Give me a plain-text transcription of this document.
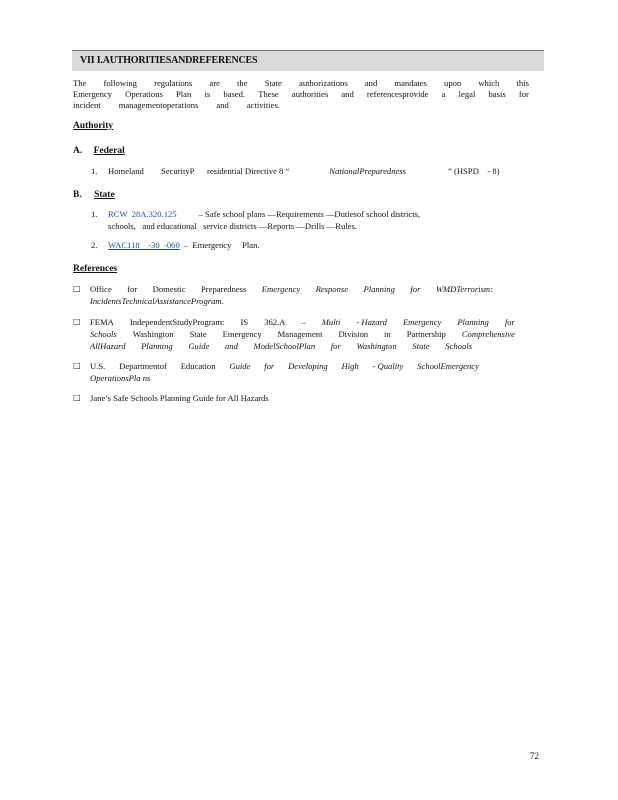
VII I.AUTHORITIESANDREFERENCES
The following regulations are the State authorizations and mandates upon which this
Emergency Operations Plan is based. These authorities and referencesprovide a legal basis for
incident managementoperations and activities.
Authority
A. Federal
1. Homeland        SecurityP      residential Directive 8 “	NationalPreparedness	” (HSPD    - 8)
B. State
1. RCW  28A.320.125	– Safe school plans —Requirements —Dutiesof school districts,
schools,   and educational   service districts —Reports —Drills —Rules.
2. WAC118    -30  -060 –  Emergency     Plan.
References
□ Office for Domestic Preparedness Emergency Response Planning for WMDTerrorism:
Incidents TechnicalAssistanceProgram.
□ FEMA IndependentStudyProgram: IS 362.A – Multi - Hazard Emergency Planning for
Schools Washington State Emergency Management Division in Partnership Comprehensive
AllHazard Planning Guide and ModelSchoolPlan for Washington State Schools
□ U.S. Departmentof Education Guide for Developing High - Quality SchoolEmergency
Operations Pla ns
□ Jane’s Safe Schools Planning Guide for All Hazards
72
